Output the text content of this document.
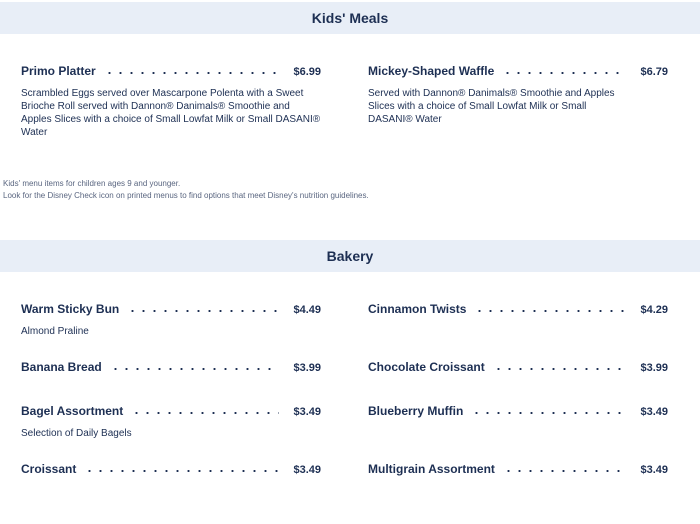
Kids' Meals
Primo Platter	$6.99
Scrambled Eggs served over Mascarpone Polenta with a Sweet Brioche Roll served with Dannon® Danimals® Smoothie and Apples Slices with a choice of Small Lowfat Milk or Small DASANI® Water
Mickey-Shaped Waffle	$6.79
Served with Dannon® Danimals® Smoothie and Apples Slices with a choice of Small Lowfat Milk or Small DASANI® Water
Kids' menu items for children ages 9 and younger.
Look for the Disney Check icon on printed menus to find options that meet Disney's nutrition guidelines.
Bakery
Warm Sticky Bun	$4.49
Almond Praline
Cinnamon Twists	$4.29
Banana Bread	$3.99	Chocolate Croissant	$3.99
Bagel Assortment	$3.49
Selection of Daily Bagels
Blueberry Muffin	$3.49
Croissant	$3.49	Multigrain Assortment	$3.49
